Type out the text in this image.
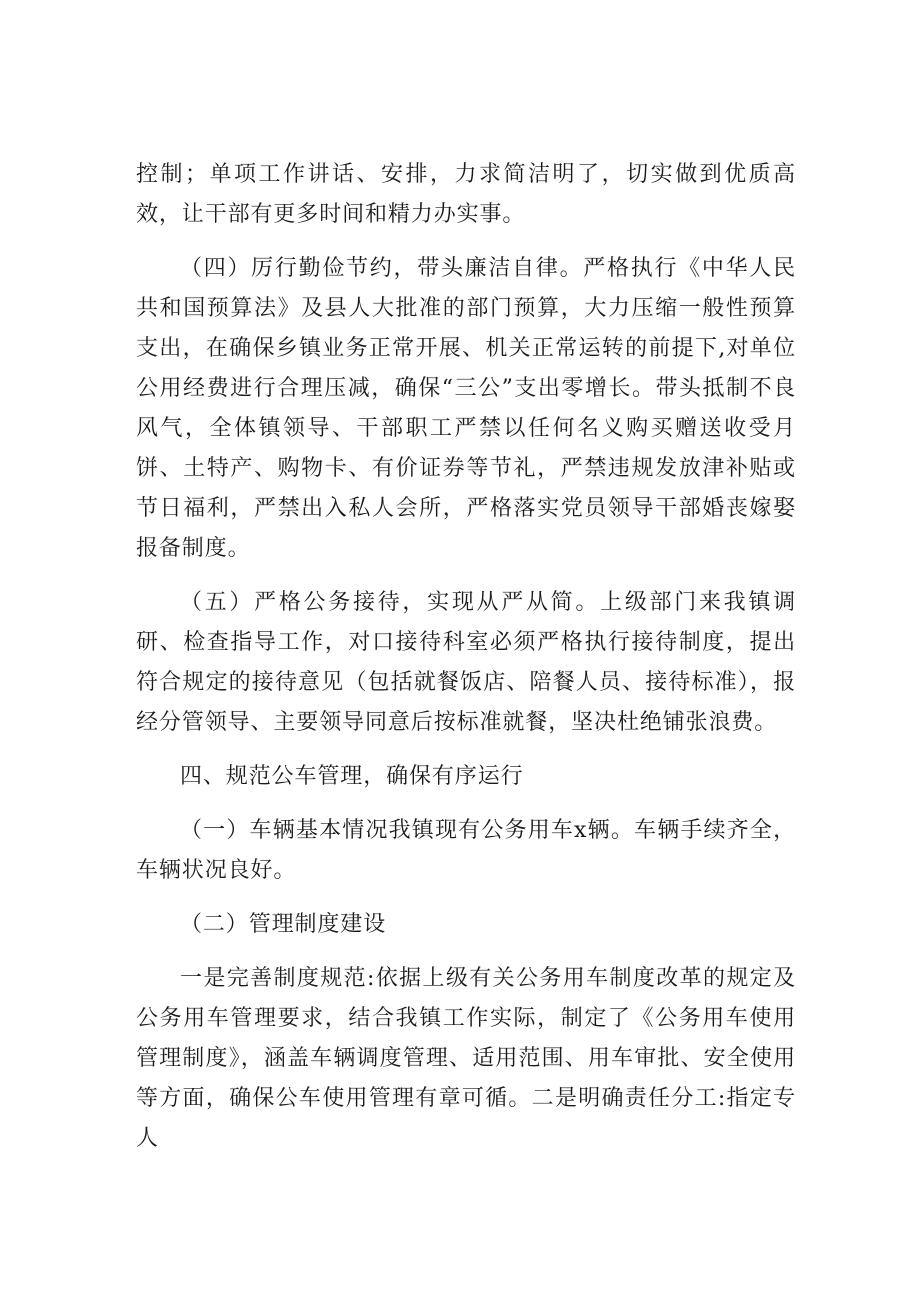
控制；单项工作讲话、安排，力求简洁明了，切实做到优质高效，让干部有更多时间和精力办实事。

（四）厉行勤俭节约，带头廉洁自律。严格执行《中华人民共和国预算法》及县人大批准的部门预算，大力压缩一般性预算支出，在确保乡镇业务正常开展、机关正常运转的前提下,对单位公用经费进行合理压减，确保“三公”支出零增长。带头抵制不良风气，全体镇领导、干部职工严禁以任何名义购买赠送收受月饼、土特产、购物卡、有价证券等节礼，严禁违规发放津补贴或节日福利，严禁出入私人会所，严格落实党员领导干部婚丧嫁娶报备制度。

（五）严格公务接待，实现从严从简。上级部门来我镇调研、检查指导工作，对口接待科室必须严格执行接待制度，提出符合规定的接待意见（包括就餐饭店、陪餐人员、接待标准），报经分管领导、主要领导同意后按标准就餐，坚决杜绝铺张浪费。

四、规范公车管理，确保有序运行

（一）车辆基本情况我镇现有公务用车x辆。车辆手续齐全，车辆状况良好。

（二）管理制度建设

一是完善制度规范:依据上级有关公务用车制度改革的规定及公务用车管理要求，结合我镇工作实际，制定了《公务用车使用管理制度》，涵盖车辆调度管理、适用范围、用车审批、安全使用等方面，确保公车使用管理有章可循。二是明确责任分工:指定专人
